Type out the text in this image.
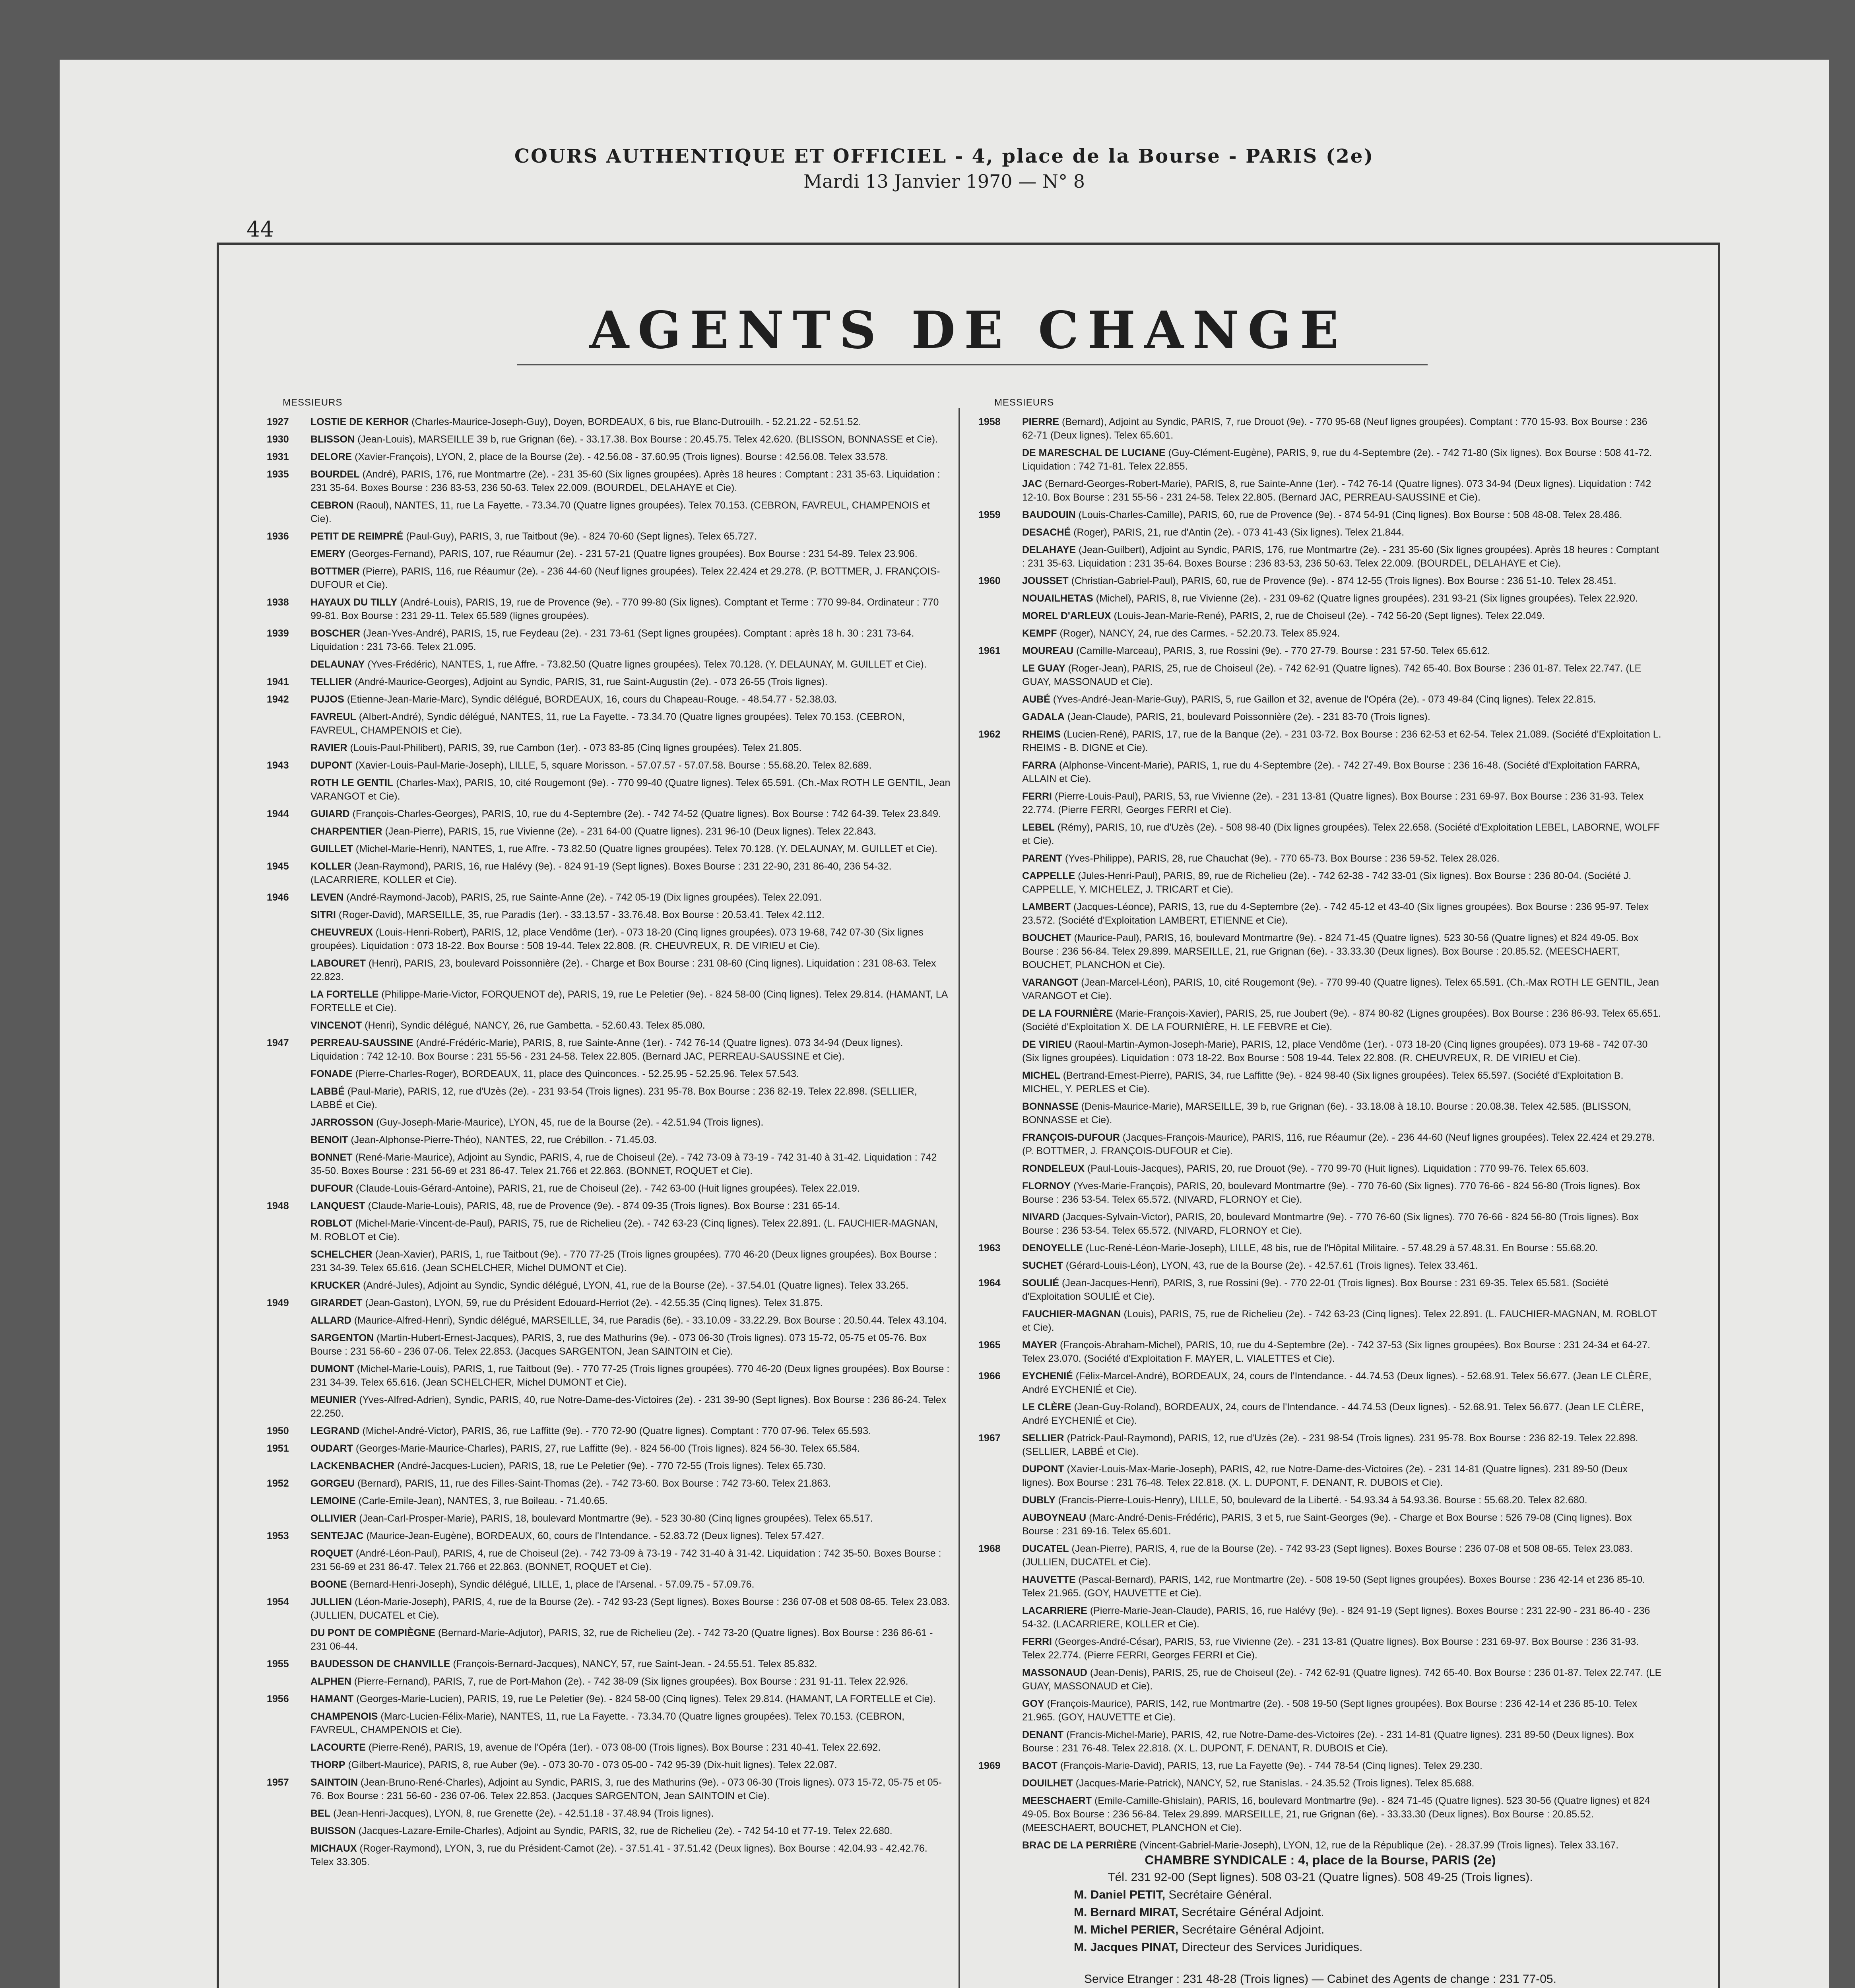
44
COURS AUTHENTIQUE ET OFFICIEL - 4, place de la Bourse - PARIS (2e)
Mardi 13 Janvier 1970 — N° 8
AGENTS DE CHANGE
MESSIEURS
1927	LOSTIE DE KERHOR (Charles-Maurice-Joseph-Guy), Doyen, BORDEAUX, 6 bis, rue Blanc-Dutrouilh. - 52.21.22 - 52.51.52.
1930	BLISSON (Jean-Louis), MARSEILLE 39 b, rue Grignan (6e). - 33.17.38. Box Bourse : 20.45.75. Telex 42.620. (BLISSON, BONNASSE et Cie).
1931	DELORE (Xavier-François), LYON, 2, place de la Bourse (2e). - 42.56.08 - 37.60.95 (Trois lignes). Bourse : 42.56.08. Telex 33.578.
1935	BOURDEL (André), PARIS, 176, rue Montmartre (2e). - 231 35-60 (Six lignes groupées). Après 18 heures : Comptant : 231 35-63. Liquidation : 231 35-64. Boxes Bourse : 236 83-53, 236 50-63. Telex 22.009. (BOURDEL, DELAHAYE et Cie).
CEBRON (Raoul), NANTES, 11, rue La Fayette. - 73.34.70 (Quatre lignes groupées). Telex 70.153. (CEBRON, FAVREUL, CHAMPENOIS et Cie).
1936	PETIT DE REIMPRÉ (Paul-Guy), PARIS, 3, rue Taitbout (9e). - 824 70-60 (Sept lignes). Telex 65.727.
EMERY (Georges-Fernand), PARIS, 107, rue Réaumur (2e). - 231 57-21 (Quatre lignes groupées). Box Bourse : 231 54-89. Telex 23.906.
BOTTMER (Pierre), PARIS, 116, rue Réaumur (2e). - 236 44-60 (Neuf lignes groupées). Telex 22.424 et 29.278. (P. BOTTMER, J. FRANÇOIS-DUFOUR et Cie).
1938	HAYAUX DU TILLY (André-Louis), PARIS, 19, rue de Provence (9e). - 770 99-80 (Six lignes). Comptant et Terme : 770 99-84. Ordinateur : 770 99-81. Box Bourse : 231 29-11. Telex 65.589 (lignes groupées).
1939	BOSCHER (Jean-Yves-André), PARIS, 15, rue Feydeau (2e). - 231 73-61 (Sept lignes groupées). Comptant : après 18 h. 30 : 231 73-64. Liquidation : 231 73-66. Telex 21.095.
DELAUNAY (Yves-Frédéric), NANTES, 1, rue Affre. - 73.82.50 (Quatre lignes groupées). Telex 70.128. (Y. DELAUNAY, M. GUILLET et Cie).
1941	TELLIER (André-Maurice-Georges), Adjoint au Syndic, PARIS, 31, rue Saint-Augustin (2e). - 073 26-55 (Trois lignes).
1942	PUJOS (Etienne-Jean-Marie-Marc), Syndic délégué, BORDEAUX, 16, cours du Chapeau-Rouge. - 48.54.77 - 52.38.03.
FAVREUL (Albert-André), Syndic délégué, NANTES, 11, rue La Fayette. - 73.34.70 (Quatre lignes groupées). Telex 70.153. (CEBRON, FAVREUL, CHAMPENOIS et Cie).
RAVIER (Louis-Paul-Philibert), PARIS, 39, rue Cambon (1er). - 073 83-85 (Cinq lignes groupées). Telex 21.805.
1943	DUPONT (Xavier-Louis-Paul-Marie-Joseph), LILLE, 5, square Morisson. - 57.07.57 - 57.07.58. Bourse : 55.68.20. Telex 82.689.
ROTH LE GENTIL (Charles-Max), PARIS, 10, cité Rougemont (9e). - 770 99-40 (Quatre lignes). Telex 65.591. (Ch.-Max ROTH LE GENTIL, Jean VARANGOT et Cie).
1944	GUIARD (François-Charles-Georges), PARIS, 10, rue du 4-Septembre (2e). - 742 74-52 (Quatre lignes). Box Bourse : 742 64-39. Telex 23.849.
CHARPENTIER (Jean-Pierre), PARIS, 15, rue Vivienne (2e). - 231 64-00 (Quatre lignes). 231 96-10 (Deux lignes). Telex 22.843.
GUILLET (Michel-Marie-Henri), NANTES, 1, rue Affre. - 73.82.50 (Quatre lignes groupées). Telex 70.128. (Y. DELAUNAY, M. GUILLET et Cie).
1945	KOLLER (Jean-Raymond), PARIS, 16, rue Halévy (9e). - 824 91-19 (Sept lignes). Boxes Bourse : 231 22-90, 231 86-40, 236 54-32. (LACARRIERE, KOLLER et Cie).
1946	LEVEN (André-Raymond-Jacob), PARIS, 25, rue Sainte-Anne (2e). - 742 05-19 (Dix lignes groupées). Telex 22.091.
SITRI (Roger-David), MARSEILLE, 35, rue Paradis (1er). - 33.13.57 - 33.76.48. Box Bourse : 20.53.41. Telex 42.112.
CHEUVREUX (Louis-Henri-Robert), PARIS, 12, place Vendôme (1er). - 073 18-20 (Cinq lignes groupées). 073 19-68, 742 07-30 (Six lignes groupées). Liquidation : 073 18-22. Box Bourse : 508 19-44. Telex 22.808. (R. CHEUVREUX, R. DE VIRIEU et Cie).
LABOURET (Henri), PARIS, 23, boulevard Poissonnière (2e). - Charge et Box Bourse : 231 08-60 (Cinq lignes). Liquidation : 231 08-63. Telex 22.823.
LA FORTELLE (Philippe-Marie-Victor, FORQUENOT de), PARIS, 19, rue Le Peletier (9e). - 824 58-00 (Cinq lignes). Telex 29.814. (HAMANT, LA FORTELLE et Cie).
VINCENOT (Henri), Syndic délégué, NANCY, 26, rue Gambetta. - 52.60.43. Telex 85.080.
1947	PERREAU-SAUSSINE (André-Frédéric-Marie), PARIS, 8, rue Sainte-Anne (1er). - 742 76-14 (Quatre lignes). 073 34-94 (Deux lignes). Liquidation : 742 12-10. Box Bourse : 231 55-56 - 231 24-58. Telex 22.805. (Bernard JAC, PERREAU-SAUSSINE et Cie).
FONADE (Pierre-Charles-Roger), BORDEAUX, 11, place des Quinconces. - 52.25.95 - 52.25.96. Telex 57.543.
LABBÉ (Paul-Marie), PARIS, 12, rue d'Uzès (2e). - 231 93-54 (Trois lignes). 231 95-78. Box Bourse : 236 82-19. Telex 22.898. (SELLIER, LABBÉ et Cie).
JARROSSON (Guy-Joseph-Marie-Maurice), LYON, 45, rue de la Bourse (2e). - 42.51.94 (Trois lignes).
BENOIT (Jean-Alphonse-Pierre-Théo), NANTES, 22, rue Crébillon. - 71.45.03.
BONNET (René-Marie-Maurice), Adjoint au Syndic, PARIS, 4, rue de Choiseul (2e). - 742 73-09 à 73-19 - 742 31-40 à 31-42. Liquidation : 742 35-50. Boxes Bourse : 231 56-69 et 231 86-47. Telex 21.766 et 22.863. (BONNET, ROQUET et Cie).
DUFOUR (Claude-Louis-Gérard-Antoine), PARIS, 21, rue de Choiseul (2e). - 742 63-00 (Huit lignes groupées). Telex 22.019.
1948	LANQUEST (Claude-Marie-Louis), PARIS, 48, rue de Provence (9e). - 874 09-35 (Trois lignes). Box Bourse : 231 65-14.
ROBLOT (Michel-Marie-Vincent-de-Paul), PARIS, 75, rue de Richelieu (2e). - 742 63-23 (Cinq lignes). Telex 22.891. (L. FAUCHIER-MAGNAN, M. ROBLOT et Cie).
SCHELCHER (Jean-Xavier), PARIS, 1, rue Taitbout (9e). - 770 77-25 (Trois lignes groupées). 770 46-20 (Deux lignes groupées). Box Bourse : 231 34-39. Telex 65.616. (Jean SCHELCHER, Michel DUMONT et Cie).
KRUCKER (André-Jules), Adjoint au Syndic, Syndic délégué, LYON, 41, rue de la Bourse (2e). - 37.54.01 (Quatre lignes). Telex 33.265.
1949	GIRARDET (Jean-Gaston), LYON, 59, rue du Président Edouard-Herriot (2e). - 42.55.35 (Cinq lignes). Telex 31.875.
ALLARD (Maurice-Alfred-Henri), Syndic délégué, MARSEILLE, 34, rue Paradis (6e). - 33.10.09 - 33.22.29. Box Bourse : 20.50.44. Telex 43.104.
SARGENTON (Martin-Hubert-Ernest-Jacques), PARIS, 3, rue des Mathurins (9e). - 073 06-30 (Trois lignes). 073 15-72, 05-75 et 05-76. Box Bourse : 231 56-60 - 236 07-06. Telex 22.853. (Jacques SARGENTON, Jean SAINTOIN et Cie).
DUMONT (Michel-Marie-Louis), PARIS, 1, rue Taitbout (9e). - 770 77-25 (Trois lignes groupées). 770 46-20 (Deux lignes groupées). Box Bourse : 231 34-39. Telex 65.616. (Jean SCHELCHER, Michel DUMONT et Cie).
MEUNIER (Yves-Alfred-Adrien), Syndic, PARIS, 40, rue Notre-Dame-des-Victoires (2e). - 231 39-90 (Sept lignes). Box Bourse : 236 86-24. Telex 22.250.
1950	LEGRAND (Michel-André-Victor), PARIS, 36, rue Laffitte (9e). - 770 72-90 (Quatre lignes). Comptant : 770 07-96. Telex 65.593.
1951	OUDART (Georges-Marie-Maurice-Charles), PARIS, 27, rue Laffitte (9e). - 824 56-00 (Trois lignes). 824 56-30. Telex 65.584.
LACKENBACHER (André-Jacques-Lucien), PARIS, 18, rue Le Peletier (9e). - 770 72-55 (Trois lignes). Telex 65.730.
1952	GORGEU (Bernard), PARIS, 11, rue des Filles-Saint-Thomas (2e). - 742 73-60. Box Bourse : 742 73-60. Telex 21.863.
LEMOINE (Carle-Emile-Jean), NANTES, 3, rue Boileau. - 71.40.65.
OLLIVIER (Jean-Carl-Prosper-Marie), PARIS, 18, boulevard Montmartre (9e). - 523 30-80 (Cinq lignes groupées). Telex 65.517.
1953	SENTEJAC (Maurice-Jean-Eugène), BORDEAUX, 60, cours de l'Intendance. - 52.83.72 (Deux lignes). Telex 57.427.
ROQUET (André-Léon-Paul), PARIS, 4, rue de Choiseul (2e). - 742 73-09 à 73-19 - 742 31-40 à 31-42. Liquidation : 742 35-50. Boxes Bourse : 231 56-69 et 231 86-47. Telex 21.766 et 22.863. (BONNET, ROQUET et Cie).
BOONE (Bernard-Henri-Joseph), Syndic délégué, LILLE, 1, place de l'Arsenal. - 57.09.75 - 57.09.76.
1954	JULLIEN (Léon-Marie-Joseph), PARIS, 4, rue de la Bourse (2e). - 742 93-23 (Sept lignes). Boxes Bourse : 236 07-08 et 508 08-65. Telex 23.083. (JULLIEN, DUCATEL et Cie).
DU PONT DE COMPIÈGNE (Bernard-Marie-Adjutor), PARIS, 32, rue de Richelieu (2e). - 742 73-20 (Quatre lignes). Box Bourse : 236 86-61 - 231 06-44.
1955	BAUDESSON DE CHANVILLE (François-Bernard-Jacques), NANCY, 57, rue Saint-Jean. - 24.55.51. Telex 85.832.
ALPHEN (Pierre-Fernand), PARIS, 7, rue de Port-Mahon (2e). - 742 38-09 (Six lignes groupées). Box Bourse : 231 91-11. Telex 22.926.
1956	HAMANT (Georges-Marie-Lucien), PARIS, 19, rue Le Peletier (9e). - 824 58-00 (Cinq lignes). Telex 29.814. (HAMANT, LA FORTELLE et Cie).
CHAMPENOIS (Marc-Lucien-Félix-Marie), NANTES, 11, rue La Fayette. - 73.34.70 (Quatre lignes groupées). Telex 70.153. (CEBRON, FAVREUL, CHAMPENOIS et Cie).
LACOURTE (Pierre-René), PARIS, 19, avenue de l'Opéra (1er). - 073 08-00 (Trois lignes). Box Bourse : 231 40-41. Telex 22.692.
THORP (Gilbert-Maurice), PARIS, 8, rue Auber (9e). - 073 30-70 - 073 05-00 - 742 95-39 (Dix-huit lignes). Telex 22.087.
1957	SAINTOIN (Jean-Bruno-René-Charles), Adjoint au Syndic, PARIS, 3, rue des Mathurins (9e). - 073 06-30 (Trois lignes). 073 15-72, 05-75 et 05-76. Box Bourse : 231 56-60 - 236 07-06. Telex 22.853. (Jacques SARGENTON, Jean SAINTOIN et Cie).
BEL (Jean-Henri-Jacques), LYON, 8, rue Grenette (2e). - 42.51.18 - 37.48.94 (Trois lignes).
BUISSON (Jacques-Lazare-Emile-Charles), Adjoint au Syndic, PARIS, 32, rue de Richelieu (2e). - 742 54-10 et 77-19. Telex 22.680.
MICHAUX (Roger-Raymond), LYON, 3, rue du Président-Carnot (2e). - 37.51.41 - 37.51.42 (Deux lignes). Box Bourse : 42.04.93 - 42.42.76. Telex 33.305.
MESSIEURS
1958	PIERRE (Bernard), Adjoint au Syndic, PARIS, 7, rue Drouot (9e). - 770 95-68 (Neuf lignes groupées). Comptant : 770 15-93. Box Bourse : 236 62-71 (Deux lignes). Telex 65.601.
DE MARESCHAL DE LUCIANE (Guy-Clément-Eugène), PARIS, 9, rue du 4-Septembre (2e). - 742 71-80 (Six lignes). Box Bourse : 508 41-72. Liquidation : 742 71-81. Telex 22.855.
JAC (Bernard-Georges-Robert-Marie), PARIS, 8, rue Sainte-Anne (1er). - 742 76-14 (Quatre lignes). 073 34-94 (Deux lignes). Liquidation : 742 12-10. Box Bourse : 231 55-56 - 231 24-58. Telex 22.805. (Bernard JAC, PERREAU-SAUSSINE et Cie).
1959	BAUDOUIN (Louis-Charles-Camille), PARIS, 60, rue de Provence (9e). - 874 54-91 (Cinq lignes). Box Bourse : 508 48-08. Telex 28.486.
DESACHÉ (Roger), PARIS, 21, rue d'Antin (2e). - 073 41-43 (Six lignes). Telex 21.844.
DELAHAYE (Jean-Guilbert), Adjoint au Syndic, PARIS, 176, rue Montmartre (2e). - 231 35-60 (Six lignes groupées). Après 18 heures : Comptant : 231 35-63. Liquidation : 231 35-64. Boxes Bourse : 236 83-53, 236 50-63. Telex 22.009. (BOURDEL, DELAHAYE et Cie).
1960	JOUSSET (Christian-Gabriel-Paul), PARIS, 60, rue de Provence (9e). - 874 12-55 (Trois lignes). Box Bourse : 236 51-10. Telex 28.451.
NOUAILHETAS (Michel), PARIS, 8, rue Vivienne (2e). - 231 09-62 (Quatre lignes groupées). 231 93-21 (Six lignes groupées). Telex 22.920.
MOREL D'ARLEUX (Louis-Jean-Marie-René), PARIS, 2, rue de Choiseul (2e). - 742 56-20 (Sept lignes). Telex 22.049.
KEMPF (Roger), NANCY, 24, rue des Carmes. - 52.20.73. Telex 85.924.
1961	MOUREAU (Camille-Marceau), PARIS, 3, rue Rossini (9e). - 770 27-79. Bourse : 231 57-50. Telex 65.612.
LE GUAY (Roger-Jean), PARIS, 25, rue de Choiseul (2e). - 742 62-91 (Quatre lignes). 742 65-40. Box Bourse : 236 01-87. Telex 22.747. (LE GUAY, MASSONAUD et Cie).
AUBÉ (Yves-André-Jean-Marie-Guy), PARIS, 5, rue Gaillon et 32, avenue de l'Opéra (2e). - 073 49-84 (Cinq lignes). Telex 22.815.
GADALA (Jean-Claude), PARIS, 21, boulevard Poissonnière (2e). - 231 83-70 (Trois lignes).
1962	RHEIMS (Lucien-René), PARIS, 17, rue de la Banque (2e). - 231 03-72. Box Bourse : 236 62-53 et 62-54. Telex 21.089. (Société d'Exploitation L. RHEIMS - B. DIGNE et Cie).
FARRA (Alphonse-Vincent-Marie), PARIS, 1, rue du 4-Septembre (2e). - 742 27-49. Box Bourse : 236 16-48. (Société d'Exploitation FARRA, ALLAIN et Cie).
FERRI (Pierre-Louis-Paul), PARIS, 53, rue Vivienne (2e). - 231 13-81 (Quatre lignes). Box Bourse : 231 69-97. Box Bourse : 236 31-93. Telex 22.774. (Pierre FERRI, Georges FERRI et Cie).
LEBEL (Rémy), PARIS, 10, rue d'Uzès (2e). - 508 98-40 (Dix lignes groupées). Telex 22.658. (Société d'Exploitation LEBEL, LABORNE, WOLFF et Cie).
PARENT (Yves-Philippe), PARIS, 28, rue Chauchat (9e). - 770 65-73. Box Bourse : 236 59-52. Telex 28.026.
CAPPELLE (Jules-Henri-Paul), PARIS, 89, rue de Richelieu (2e). - 742 62-38 - 742 33-01 (Six lignes). Box Bourse : 236 80-04. (Société J. CAPPELLE, Y. MICHELEZ, J. TRICART et Cie).
LAMBERT (Jacques-Léonce), PARIS, 13, rue du 4-Septembre (2e). - 742 45-12 et 43-40 (Six lignes groupées). Box Bourse : 236 95-97. Telex 23.572. (Société d'Exploitation LAMBERT, ETIENNE et Cie).
BOUCHET (Maurice-Paul), PARIS, 16, boulevard Montmartre (9e). - 824 71-45 (Quatre lignes). 523 30-56 (Quatre lignes) et 824 49-05. Box Bourse : 236 56-84. Telex 29.899. MARSEILLE, 21, rue Grignan (6e). - 33.33.30 (Deux lignes). Box Bourse : 20.85.52. (MEESCHAERT, BOUCHET, PLANCHON et Cie).
VARANGOT (Jean-Marcel-Léon), PARIS, 10, cité Rougemont (9e). - 770 99-40 (Quatre lignes). Telex 65.591. (Ch.-Max ROTH LE GENTIL, Jean VARANGOT et Cie).
DE LA FOURNIÈRE (Marie-François-Xavier), PARIS, 25, rue Joubert (9e). - 874 80-82 (Lignes groupées). Box Bourse : 236 86-93. Telex 65.651. (Société d'Exploitation X. DE LA FOURNIÈRE, H. LE FEBVRE et Cie).
DE VIRIEU (Raoul-Martin-Aymon-Joseph-Marie), PARIS, 12, place Vendôme (1er). - 073 18-20 (Cinq lignes groupées). 073 19-68 - 742 07-30 (Six lignes groupées). Liquidation : 073 18-22. Box Bourse : 508 19-44. Telex 22.808. (R. CHEUVREUX, R. DE VIRIEU et Cie).
MICHEL (Bertrand-Ernest-Pierre), PARIS, 34, rue Laffitte (9e). - 824 98-40 (Six lignes groupées). Telex 65.597. (Société d'Exploitation B. MICHEL, Y. PERLES et Cie).
BONNASSE (Denis-Maurice-Marie), MARSEILLE, 39 b, rue Grignan (6e). - 33.18.08 à 18.10. Bourse : 20.08.38. Telex 42.585. (BLISSON, BONNASSE et Cie).
FRANÇOIS-DUFOUR (Jacques-François-Maurice), PARIS, 116, rue Réaumur (2e). - 236 44-60 (Neuf lignes groupées). Telex 22.424 et 29.278. (P. BOTTMER, J. FRANÇOIS-DUFOUR et Cie).
RONDELEUX (Paul-Louis-Jacques), PARIS, 20, rue Drouot (9e). - 770 99-70 (Huit lignes). Liquidation : 770 99-76. Telex 65.603.
FLORNOY (Yves-Marie-François), PARIS, 20, boulevard Montmartre (9e). - 770 76-60 (Six lignes). 770 76-66 - 824 56-80 (Trois lignes). Box Bourse : 236 53-54. Telex 65.572. (NIVARD, FLORNOY et Cie).
NIVARD (Jacques-Sylvain-Victor), PARIS, 20, boulevard Montmartre (9e). - 770 76-60 (Six lignes). 770 76-66 - 824 56-80 (Trois lignes). Box Bourse : 236 53-54. Telex 65.572. (NIVARD, FLORNOY et Cie).
1963	DENOYELLE (Luc-René-Léon-Marie-Joseph), LILLE, 48 bis, rue de l'Hôpital Militaire. - 57.48.29 à 57.48.31. En Bourse : 55.68.20.
SUCHET (Gérard-Louis-Léon), LYON, 43, rue de la Bourse (2e). - 42.57.61 (Trois lignes). Telex 33.461.
1964	SOULIÉ (Jean-Jacques-Henri), PARIS, 3, rue Rossini (9e). - 770 22-01 (Trois lignes). Box Bourse : 231 69-35. Telex 65.581. (Société d'Exploitation SOULIÉ et Cie).
FAUCHIER-MAGNAN (Louis), PARIS, 75, rue de Richelieu (2e). - 742 63-23 (Cinq lignes). Telex 22.891. (L. FAUCHIER-MAGNAN, M. ROBLOT et Cie).
1965	MAYER (François-Abraham-Michel), PARIS, 10, rue du 4-Septembre (2e). - 742 37-53 (Six lignes groupées). Box Bourse : 231 24-34 et 64-27. Telex 23.070. (Société d'Exploitation F. MAYER, L. VIALETTES et Cie).
1966	EYCHENIÉ (Félix-Marcel-André), BORDEAUX, 24, cours de l'Intendance. - 44.74.53 (Deux lignes). - 52.68.91. Telex 56.677. (Jean LE CLÈRE, André EYCHENIÉ et Cie).
LE CLÈRE (Jean-Guy-Roland), BORDEAUX, 24, cours de l'Intendance. - 44.74.53 (Deux lignes). - 52.68.91. Telex 56.677. (Jean LE CLÈRE, André EYCHENIÉ et Cie).
1967	SELLIER (Patrick-Paul-Raymond), PARIS, 12, rue d'Uzès (2e). - 231 98-54 (Trois lignes). 231 95-78. Box Bourse : 236 82-19. Telex 22.898. (SELLIER, LABBÉ et Cie).
DUPONT (Xavier-Louis-Max-Marie-Joseph), PARIS, 42, rue Notre-Dame-des-Victoires (2e). - 231 14-81 (Quatre lignes). 231 89-50 (Deux lignes). Box Bourse : 231 76-48. Telex 22.818. (X. L. DUPONT, F. DENANT, R. DUBOIS et Cie).
DUBLY (Francis-Pierre-Louis-Henry), LILLE, 50, boulevard de la Liberté. - 54.93.34 à 54.93.36. Bourse : 55.68.20. Telex 82.680.
AUBOYNEAU (Marc-André-Denis-Frédéric), PARIS, 3 et 5, rue Saint-Georges (9e). - Charge et Box Bourse : 526 79-08 (Cinq lignes). Box Bourse : 231 69-16. Telex 65.601.
1968	DUCATEL (Jean-Pierre), PARIS, 4, rue de la Bourse (2e). - 742 93-23 (Sept lignes). Boxes Bourse : 236 07-08 et 508 08-65. Telex 23.083. (JULLIEN, DUCATEL et Cie).
HAUVETTE (Pascal-Bernard), PARIS, 142, rue Montmartre (2e). - 508 19-50 (Sept lignes groupées). Boxes Bourse : 236 42-14 et 236 85-10. Telex 21.965. (GOY, HAUVETTE et Cie).
LACARRIERE (Pierre-Marie-Jean-Claude), PARIS, 16, rue Halévy (9e). - 824 91-19 (Sept lignes). Boxes Bourse : 231 22-90 - 231 86-40 - 236 54-32. (LACARRIERE, KOLLER et Cie).
FERRI (Georges-André-César), PARIS, 53, rue Vivienne (2e). - 231 13-81 (Quatre lignes). Box Bourse : 231 69-97. Box Bourse : 236 31-93. Telex 22.774. (Pierre FERRI, Georges FERRI et Cie).
MASSONAUD (Jean-Denis), PARIS, 25, rue de Choiseul (2e). - 742 62-91 (Quatre lignes). 742 65-40. Box Bourse : 236 01-87. Telex 22.747. (LE GUAY, MASSONAUD et Cie).
GOY (François-Maurice), PARIS, 142, rue Montmartre (2e). - 508 19-50 (Sept lignes groupées). Box Bourse : 236 42-14 et 236 85-10. Telex 21.965. (GOY, HAUVETTE et Cie).
DENANT (Francis-Michel-Marie), PARIS, 42, rue Notre-Dame-des-Victoires (2e). - 231 14-81 (Quatre lignes). 231 89-50 (Deux lignes). Box Bourse : 231 76-48. Telex 22.818. (X. L. DUPONT, F. DENANT, R. DUBOIS et Cie).
1969	BACOT (François-Marie-David), PARIS, 13, rue La Fayette (9e). - 744 78-54 (Cinq lignes). Telex 29.230.
DOUILHET (Jacques-Marie-Patrick), NANCY, 52, rue Stanislas. - 24.35.52 (Trois lignes). Telex 85.688.
MEESCHAERT (Emile-Camille-Ghislain), PARIS, 16, boulevard Montmartre (9e). - 824 71-45 (Quatre lignes). 523 30-56 (Quatre lignes) et 824 49-05. Box Bourse : 236 56-84. Telex 29.899. MARSEILLE, 21, rue Grignan (6e). - 33.33.30 (Deux lignes). Box Bourse : 20.85.52. (MEESCHAERT, BOUCHET, PLANCHON et Cie).
BRAC DE LA PERRIÈRE (Vincent-Gabriel-Marie-Joseph), LYON, 12, rue de la République (2e). - 28.37.99 (Trois lignes). Telex 33.167.
CHAMBRE SYNDICALE : 4, place de la Bourse, PARIS (2e)
Tél. 231 92-00 (Sept lignes). 508 03-21 (Quatre lignes). 508 49-25 (Trois lignes).
M. Daniel PETIT, Secrétaire Général.
M. Bernard MIRAT, Secrétaire Général Adjoint.
M. Michel PERIER, Secrétaire Général Adjoint.
M. Jacques PINAT, Directeur des Services Juridiques.
Service Etranger : 231 48-28 (Trois lignes) — Cabinet des Agents de change : 231 77-05.
